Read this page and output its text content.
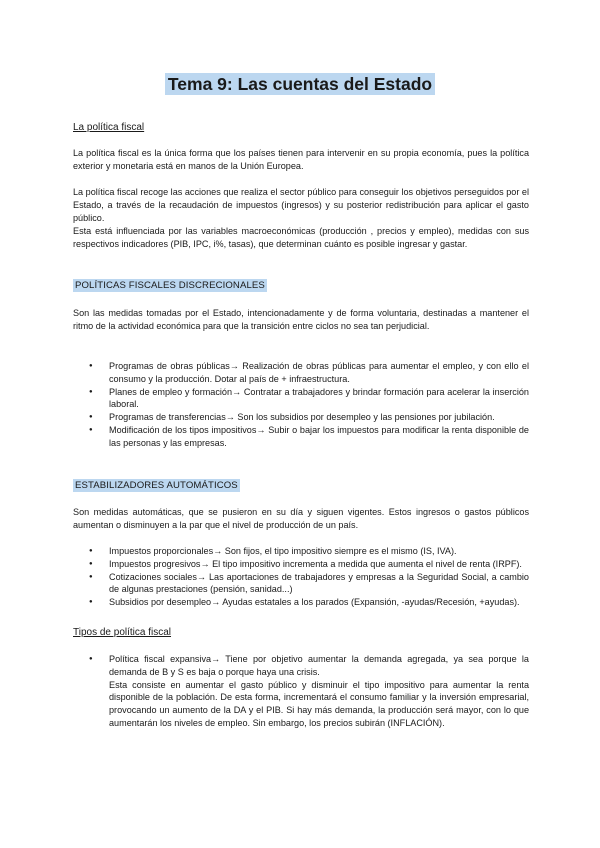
Tema 9: Las cuentas del Estado
La política fiscal

La política fiscal es la única forma que los países tienen para intervenir en su propia economía, pues la política exterior y monetaria está en manos de la Unión Europea.

La política fiscal recoge las acciones que realiza el sector público para conseguir los objetivos perseguidos por el Estado, a través de la recaudación de impuestos (ingresos) y su posterior redistribución para aplicar el gasto público.

Esta está influenciada por las variables macroeconómicas (producción , precios y empleo), medidas con sus respectivos indicadores (PIB, IPC, i%, tasas), que determinan cuánto es posible ingresar y gastar.

POLÍTICAS FISCALES DISCRECIONALES

Son las medidas tomadas por el Estado, intencionadamente y de forma voluntaria, destinadas a mantener el ritmo de la actividad económica para que la transición entre ciclos no sea tan perjudicial.

● Programas de obras públicas→ Realización de obras públicas para aumentar el empleo, y con ello el consumo y la producción. Dotar al país de + infraestructura.
● Planes de empleo y formación→ Contratar a trabajadores y brindar formación para acelerar la inserción laboral.
● Programas de transferencias→ Son los subsidios por desempleo y las pensiones por jubilación.
● Modificación de los tipos impositivos→ Subir o bajar los impuestos para modificar la renta disponible de las personas y las empresas.
ESTABILIZADORES AUTOMÁTICOS

Son medidas automáticas, que se pusieron en su día y siguen vigentes. Estos ingresos o gastos públicos aumentan o disminuyen a la par que el nivel de producción de un país.

● Impuestos proporcionales→ Son fijos, el tipo impositivo siempre es el mismo (IS, IVA).
● Impuestos progresivos→ El tipo impositivo incrementa a medida que aumenta el nivel de renta (IRPF).
● Cotizaciones sociales→ Las aportaciones de trabajadores y empresas a la Seguridad Social, a cambio de algunas prestaciones (pensión, sanidad...)
● Subsidios por desempleo→ Ayudas estatales a los parados (Expansión, -ayudas/Recesión, +ayudas).
Tipos de política fiscal
● Política fiscal expansiva→ Tiene por objetivo aumentar la demanda agregada, ya sea porque la demanda de B y S es baja o porque haya una crisis.
Esta consiste en aumentar el gasto público y disminuir el tipo impositivo para aumentar la renta disponible de la población. De esta forma, incrementará el consumo familiar y la inversión empresarial, provocando un aumento de la DA y el PIB. Si hay más demanda, la producción será mayor, con lo que aumentarán los niveles de empleo. Sin embargo, los precios subirán (INFLACIÓN).
